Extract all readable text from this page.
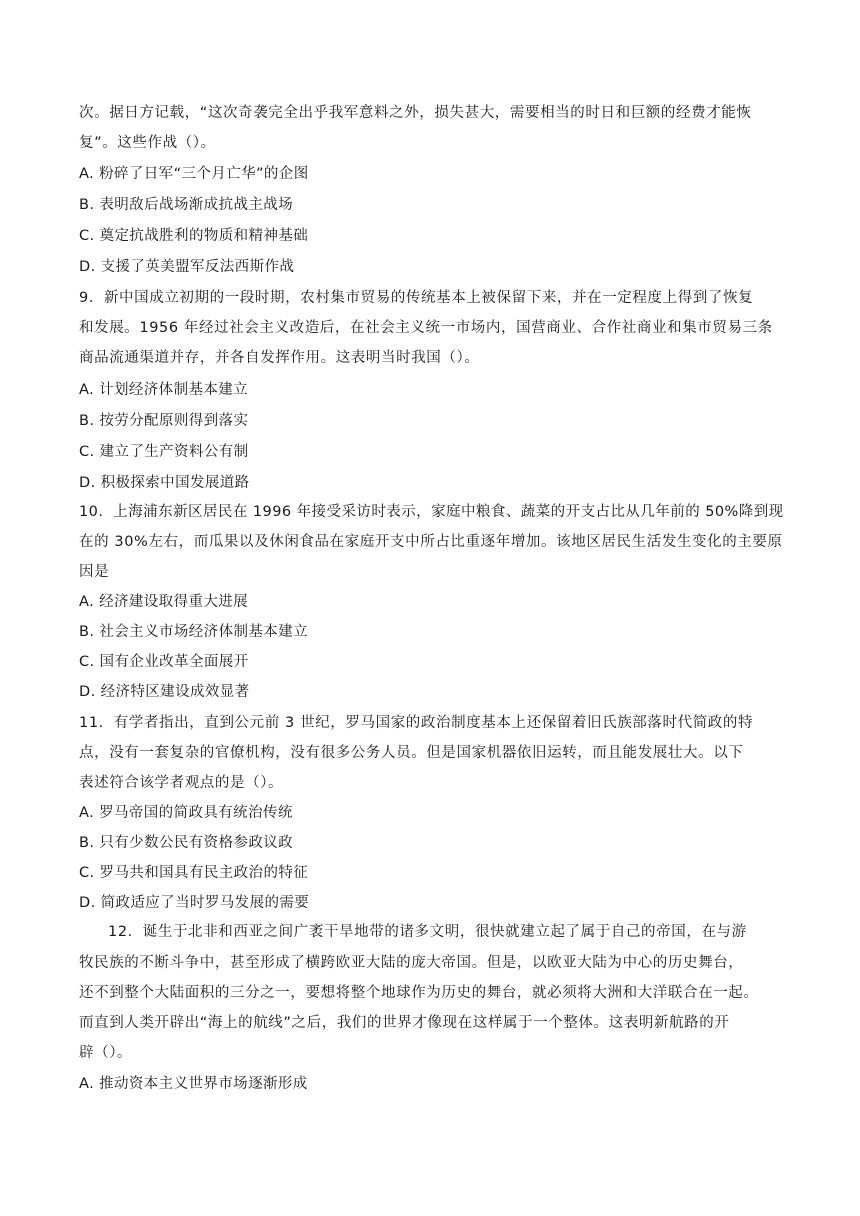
次。据日方记载，“这次奇袭完全出乎我军意料之外，损失甚大，需要相当的时日和巨额的经费才能恢
复”。这些作战（）。
A. 粉碎了日军“三个月亡华”的企图
B. 表明敌后战场渐成抗战主战场
C. 奠定抗战胜利的物质和精神基础
D. 支援了英美盟军反法西斯作战
9．新中国成立初期的一段时期，农村集市贸易的传统基本上被保留下来，并在一定程度上得到了恢复
和发展。1956 年经过社会主义改造后，在社会主义统一市场内，国营商业、合作社商业和集市贸易三条
商品流通渠道并存，并各自发挥作用。这表明当时我国（）。
A. 计划经济体制基本建立
B. 按劳分配原则得到落实
C. 建立了生产资料公有制
D. 积极探索中国发展道路
10．上海浦东新区居民在 1996 年接受采访时表示，家庭中粮食、蔬菜的开支占比从几年前的 50%降到现
在的 30%左右，而瓜果以及休闲食品在家庭开支中所占比重逐年增加。该地区居民生活发生变化的主要原
因是
A. 经济建设取得重大进展
B. 社会主义市场经济体制基本建立
C. 国有企业改革全面展开
D. 经济特区建设成效显著
11．有学者指出，直到公元前 3 世纪，罗马国家的政治制度基本上还保留着旧氏族部落时代简政的特
点，没有一套复杂的官僚机构，没有很多公务人员。但是国家机器依旧运转，而且能发展壮大。以下
表述符合该学者观点的是（）。
A. 罗马帝国的简政具有统治传统
B. 只有少数公民有资格参政议政
C. 罗马共和国具有民主政治的特征
D. 简政适应了当时罗马发展的需要
12．诞生于北非和西亚之间广袤干旱地带的诸多文明，很快就建立起了属于自己的帝国，在与游
牧民族的不断斗争中，甚至形成了横跨欧亚大陆的庞大帝国。但是，以欧亚大陆为中心的历史舞台，
还不到整个大陆面积的三分之一，要想将整个地球作为历史的舞台，就必须将大洲和大洋联合在一起。
而直到人类开辟出“海上的航线”之后，我们的世界才像现在这样属于一个整体。这表明新航路的开
辟（）。
A. 推动资本主义世界市场逐渐形成
